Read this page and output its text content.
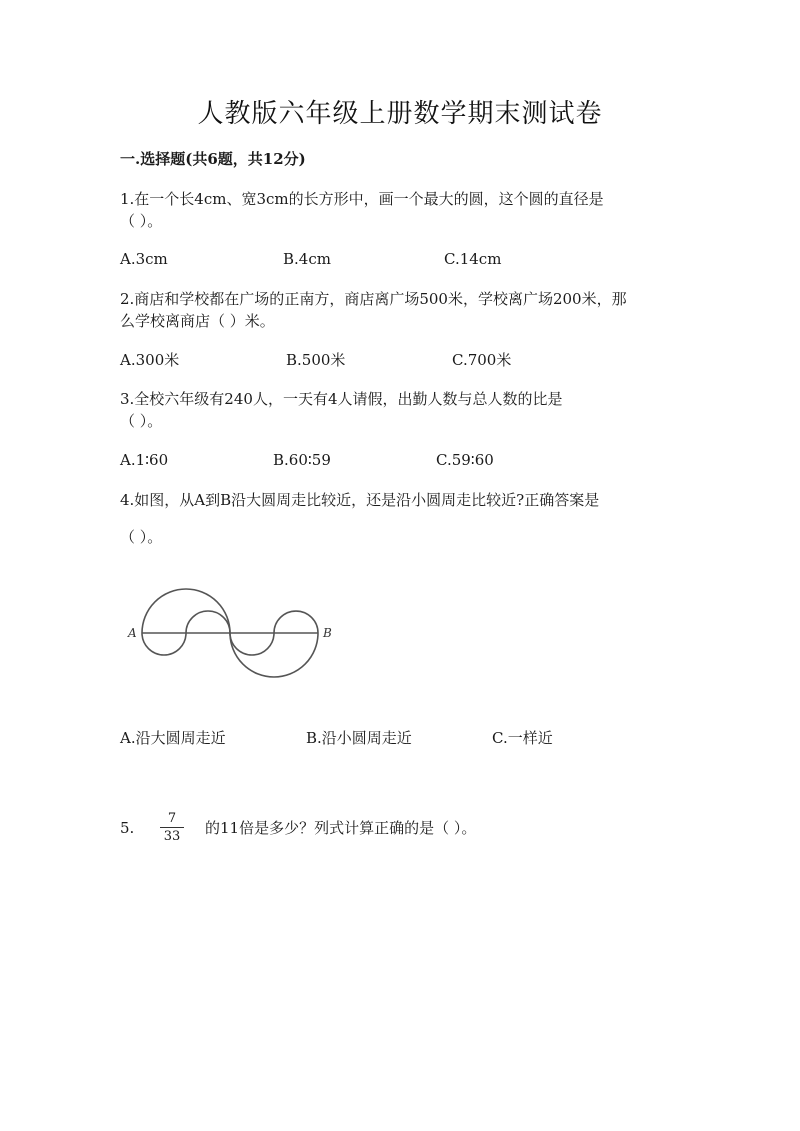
人教版六年级上册数学期末测试卷
一.选择题(共6题，共12分)
1.在一个长4cm、宽3cm的长方形中，画一个最大的圆，这个圆的直径是
（ ）。
A.3cm	B.4cm	C.14cm
2.商店和学校都在广场的正南方，商店离广场500米，学校离广场200米，那
么学校离商店（ ）米。
A.300米	B.500米	C.700米
3.全校六年级有240人，一天有4人请假，出勤人数与总人数的比是
（ ）。
A.1∶60	B.60∶59	C.59∶60
4.如图，从A到B沿大圆周走比较近，还是沿小圆周走比较近?正确答案是
（ ）。
A	B
A.沿大圆周走近	B.沿小圆周走近	C.一样近
5.
7
33 的11倍是多少？列式计算正确的是（ ）。
